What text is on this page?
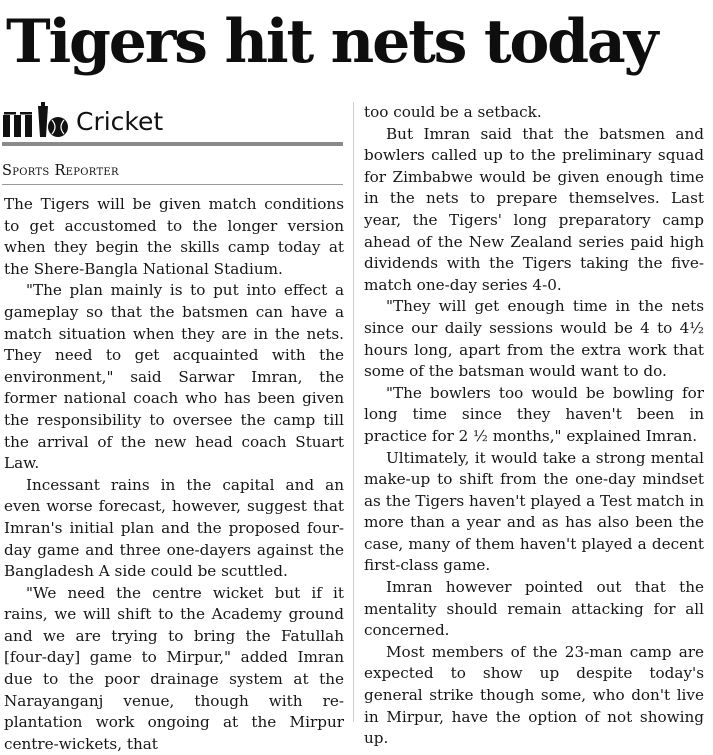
Tigers hit nets today
Cricket
Sports Reporter

The Tigers will be given match conditions to get accustomed to the longer version when they begin the skills camp today at the Shere-Bangla National Stadium.

"The plan mainly is to put into effect a gameplay so that the batsmen can have a match situation when they are in the nets. They need to get acquainted with the environment," said Sarwar Imran, the former national coach who has been given the responsibility to oversee the camp till the arrival of the new head coach Stuart Law.

Incessant rains in the capital and an even worse forecast, however, suggest that Imran's initial plan and the proposed four-day game and three one-dayers against the Bangladesh A side could be scuttled.

"We need the centre wicket but if it rains, we will shift to the Academy ground and we are trying to bring the Fatullah [four-day] game to Mirpur," added Imran due to the poor drainage system at the Narayanganj venue, though with re-plantation work ongoing at the Mirpur centre-wickets, that

too could be a setback.

But Imran said that the batsmen and bowlers called up to the preliminary squad for Zimbabwe would be given enough time in the nets to prepare themselves. Last year, the Tigers' long preparatory camp ahead of the New Zealand series paid high dividends with the Tigers taking the five-match one-day series 4-0.

"They will get enough time in the nets since our daily sessions would be 4 to 4½ hours long, apart from the extra work that some of the batsman would want to do.

"The bowlers too would be bowling for long time since they haven't been in practice for 2 ½ months," explained Imran.

Ultimately, it would take a strong mental make-up to shift from the one-day mindset as the Tigers haven't played a Test match in more than a year and as has also been the case, many of them haven't played a decent first-class game.

Imran however pointed out that the mentality should remain attacking for all concerned.

Most members of the 23-man camp are expected to show up despite today's general strike though some, who don't live in Mirpur, have the option of not showing up.
